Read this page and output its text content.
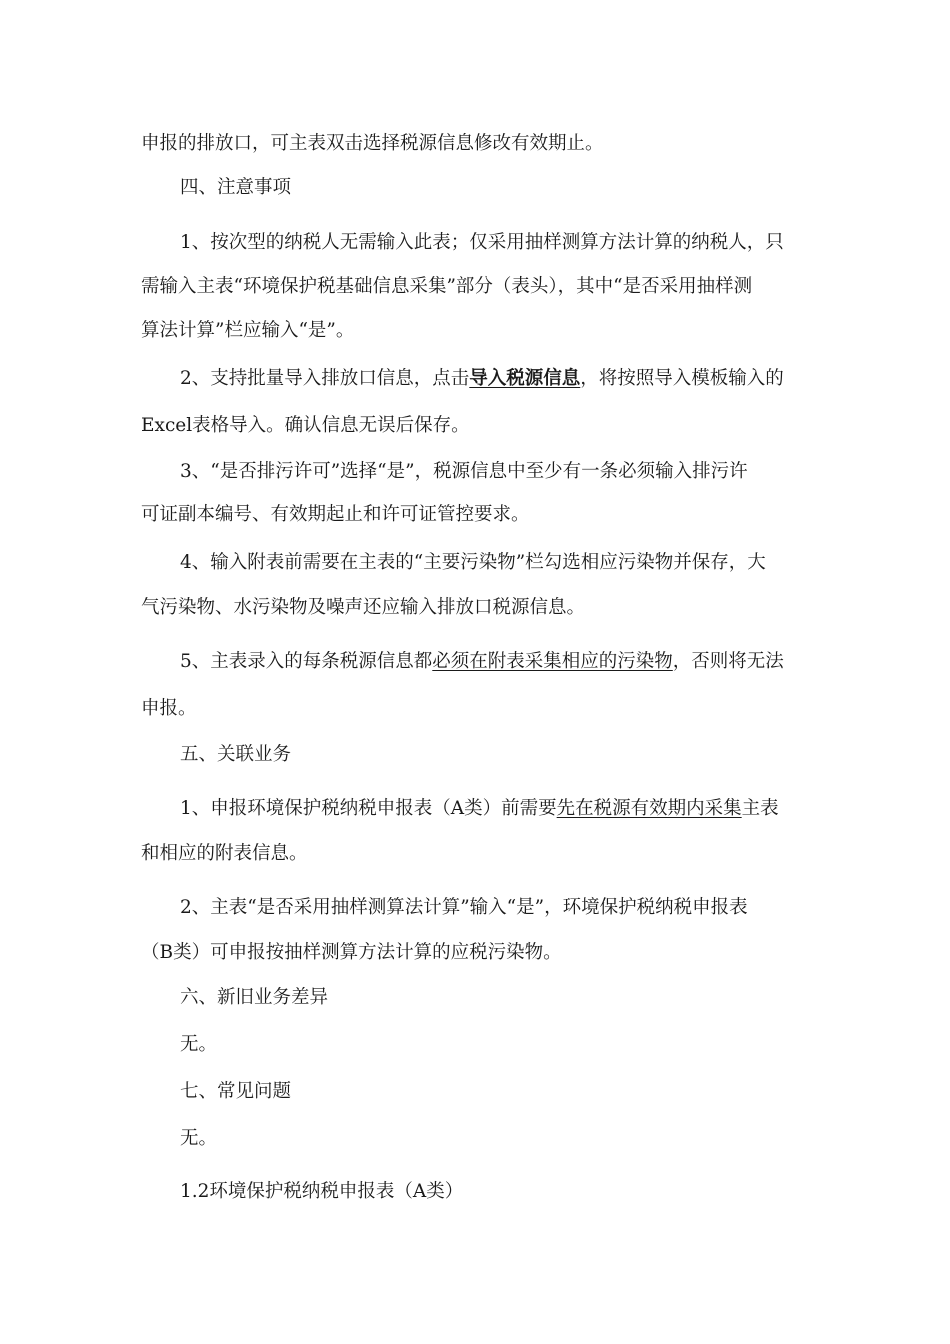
申报的排放口，可主表双击选择税源信息修改有效期止。
四、注意事项
1、按次型的纳税人无需输入此表；仅采用抽样测算方法计算的纳税人，只
需输入主表“环境保护税基础信息采集”部分（表头），其中“是否采用抽样测
算法计算”栏应输入“是”。
2、支持批量导入排放口信息，点击导入税源信息，将按照导入模板输入的
Excel表格导入。确认信息无误后保存。
3、“是否排污许可”选择“是”，税源信息中至少有一条必须输入排污许
可证副本编号、有效期起止和许可证管控要求。
4、输入附表前需要在主表的“主要污染物”栏勾选相应污染物并保存，大
气污染物、水污染物及噪声还应输入排放口税源信息。
5、主表录入的每条税源信息都必须在附表采集相应的污染物，否则将无法
申报。
五、关联业务
1、申报环境保护税纳税申报表（A类）前需要先在税源有效期内采集主表
和相应的附表信息。
2、主表“是否采用抽样测算法计算”输入“是”，环境保护税纳税申报表
（B类）可申报按抽样测算方法计算的应税污染物。
六、新旧业务差异
无。
七、常见问题
无。
1.2环境保护税纳税申报表（A类）
